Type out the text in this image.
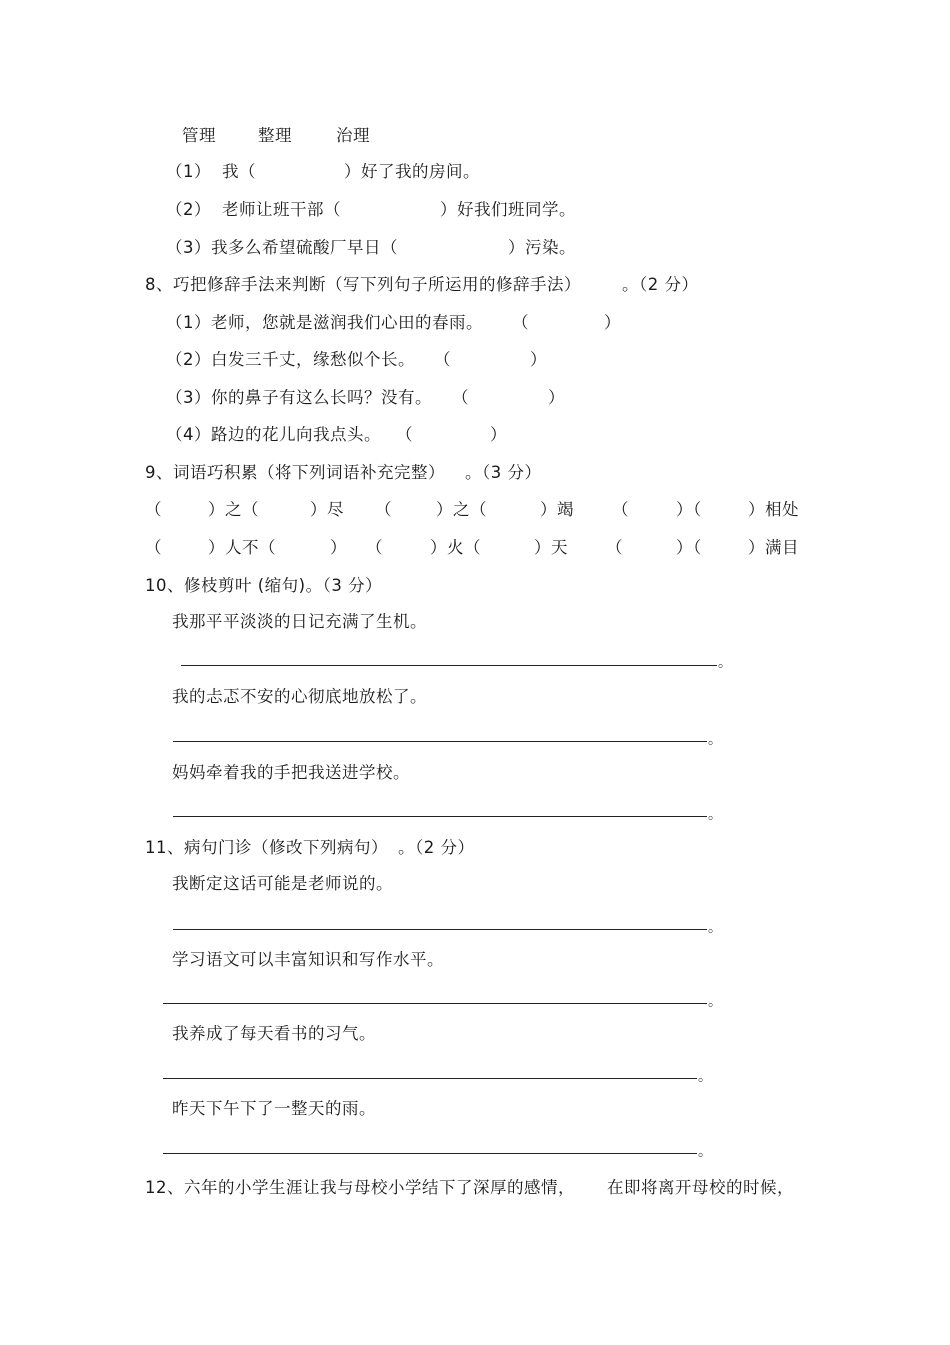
管理	整理	治理
（1） 我（	）好了我的房间。
（2） 老师让班干部（	）好我们班同学。
（3）我多么希望硫酸厂早日（	）污染。
8、巧把修辞手法来判断（写下列句子所运用的修辞手法） 。（2 分）
（1）老师，您就是滋润我们心田的春雨。 （	）
（2）白发三千丈，缘愁似个长。 （	）
（3）你的鼻子有这么长吗？没有。 （	）
（4）路边的花儿向我点头。 （	）
9、词语巧积累（将下列词语补充完整） 。（3 分）
（	）之（	）尽 （	）之（	）竭 （	）（	）相处
（	）人不（	） （	）火（	）天 （	）（	）满目
10、修枝剪叶 (缩句)。（3 分）
我那平平淡淡的日记充满了生机。
。
我的忐忑不安的心彻底地放松了。
。
妈妈牵着我的手把我送进学校。
。
11、病句门诊（修改下列病句） 。（2 分）
我断定这话可能是老师说的。
。
学习语文可以丰富知识和写作水平。
。
我养成了每天看书的习气。
。
昨天下午下了一整天的雨。
。
12、六年的小学生涯让我与母校小学结下了深厚的感情， 在即将离开母校的时候，
